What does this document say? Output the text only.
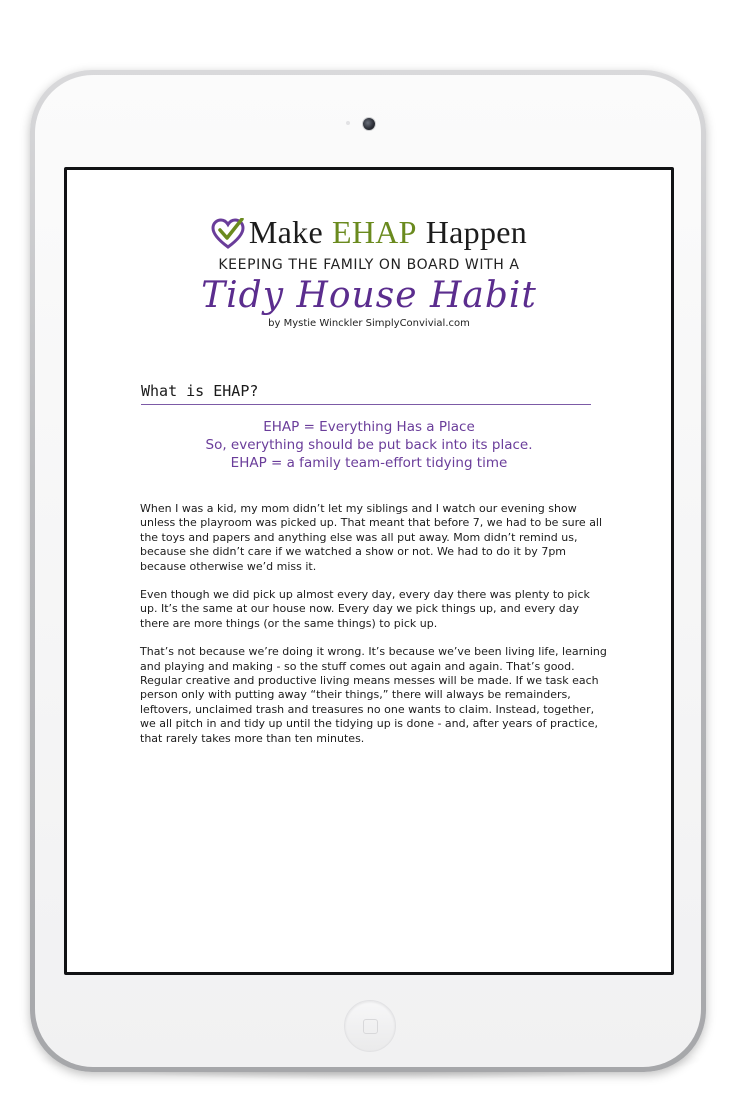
Make EHAP Happen
KEEPING THE FAMILY ON BOARD WITH A
Tidy House Habit
by Mystie Winckler SimplyConvivial.com
What is EHAP?
EHAP = Everything Has a Place
So, everything should be put back into its place.
EHAP = a family team-effort tidying time

When I was a kid, my mom didn’t let my siblings and I watch our evening show unless the playroom was picked up. That meant that before 7, we had to be sure all the toys and papers and anything else was all put away. Mom didn’t remind us, because she didn’t care if we watched a show or not. We had to do it by 7pm because otherwise we’d miss it.

Even though we did pick up almost every day, every day there was plenty to pick up. It’s the same at our house now. Every day we pick things up, and every day there are more things (or the same things) to pick up.

That’s not because we’re doing it wrong. It’s because we’ve been living life, learning and playing and making - so the stuff comes out again and again. That’s good. Regular creative and productive living means messes will be made. If we task each person only with putting away “their things,” there will always be remainders, leftovers, unclaimed trash and treasures no one wants to claim. Instead, together, we all pitch in and tidy up until the tidying up is done - and, after years of practice, that rarely takes more than ten minutes.
